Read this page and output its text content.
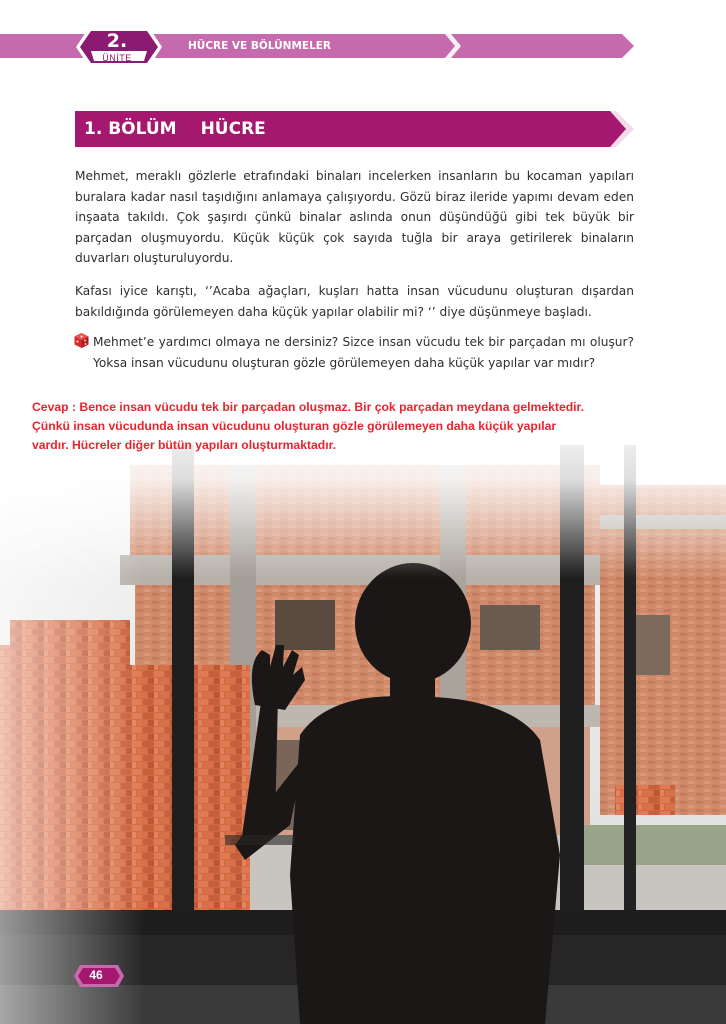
2.
ÜNİTE
HÜCRE VE BÖLÜNMELER
1. BÖLÜM HÜCRE
Mehmet, meraklı gözlerle etrafındaki binaları incelerken insanların bu kocaman yapıları buralara kadar nasıl taşıdığını anlamaya çalışıyordu. Gözü biraz ileride yapımı devam eden inşaata takıldı. Çok şaşırdı çünkü binalar aslında onun düşündüğü gibi tek büyük bir parçadan oluşmuyordu. Küçük küçük çok sayıda tuğla bir araya getirilerek binaların duvarları oluşturuluyordu.
Kafası iyice karıştı, ‘’Acaba ağaçları, kuşları hatta insan vücudunu oluşturan dışardan bakıldığında görülemeyen daha küçük yapılar olabilir mi? ‘’ diye düşünmeye başladı.
Mehmet’e yardımcı olmaya ne dersiniz? Sizce insan vücudu tek bir parçadan mı oluşur? Yoksa insan vücudunu oluşturan gözle görülemeyen daha küçük yapılar var mıdır?
Cevap : Bence insan vücudu tek bir parçadan oluşmaz. Bir çok parçadan meydana gelmektedir.
Çünkü insan vücudunda insan vücudunu oluşturan gözle görülemeyen daha küçük yapılar
vardır. Hücreler diğer bütün yapıları oluşturmaktadır.
46
